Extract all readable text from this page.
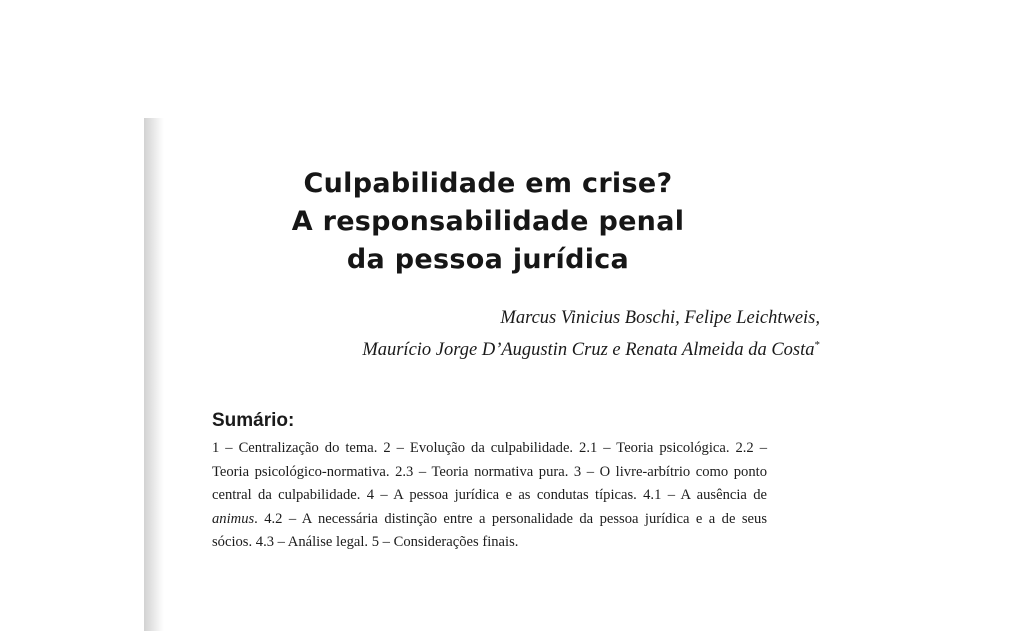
Culpabilidade em crise?
A responsabilidade penal
da pessoa jurídica
Marcus Vinicius Boschi, Felipe Leichtweis,
Maurício Jorge D’Augustin Cruz e Renata Almeida da Costa*
Sumário:
1 – Centralização do tema. 2 – Evolução da culpabilidade. 2.1 – Teoria psicológica. 2.2 – Teoria psicológico-normativa. 2.3 – Teoria normativa pura. 3 – O livre-arbítrio como ponto central da culpabilidade. 4 – A pessoa jurídica e as condutas típicas. 4.1 – A ausência de animus. 4.2 – A necessária distinção entre a personalidade da pessoa jurídica e a de seus sócios. 4.3 – Análise legal. 5 – Considerações finais.
